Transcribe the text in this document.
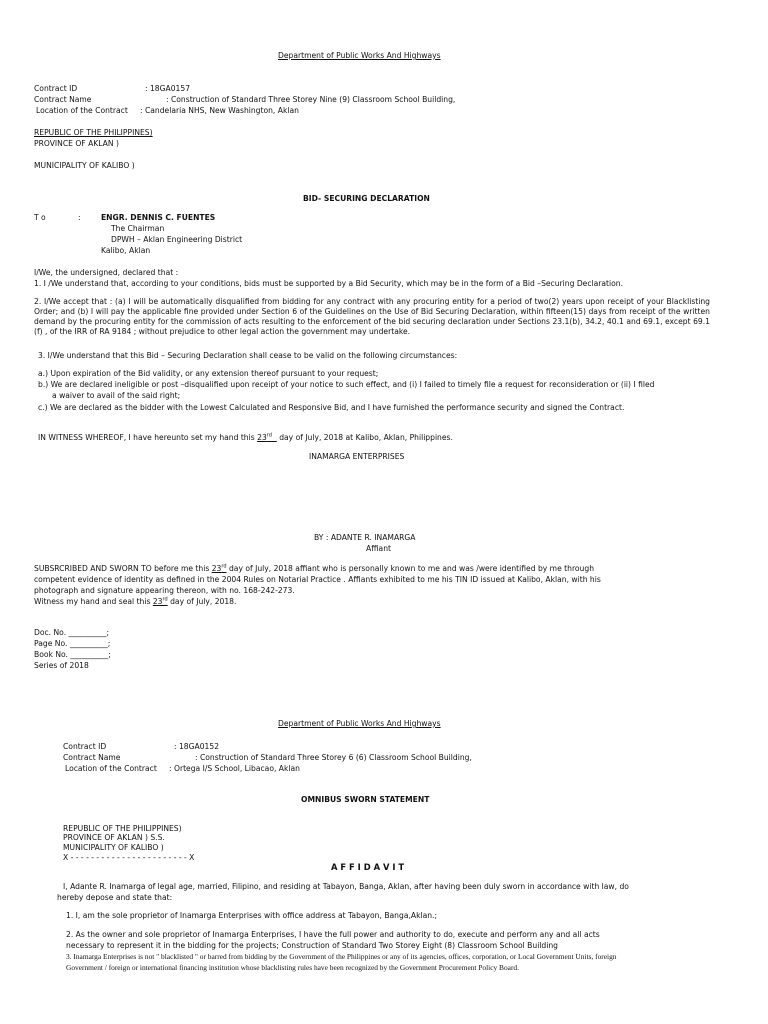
Department of Public Works And Highways
Contract ID	: 18GA0157
Contract Name	: Construction of Standard Three Storey Nine (9) Classroom School Building,
Location of the Contract : Candelaria NHS, New Washington, Aklan
REPUBLIC OF THE PHILIPPINES)
PROVINCE OF AKLAN )
MUNICIPALITY OF KALIBO )
BID- SECURING DECLARATION
T o	:	ENGR. DENNIS C. FUENTES
The Chairman
DPWH – Aklan Engineering District
Kalibo, Aklan
I/We, the undersigned, declared that :
1. I /We understand that, according to your conditions, bids must be supported by a Bid Security, which may be in the form of a Bid –Securing Declaration.
2. I/We accept that : (a) I will be automatically disqualified from bidding for any contract with any procuring entity for a period of two(2) years upon receipt of your Blacklisting Order; and (b) I will pay the applicable fine provided under Section 6 of the Guidelines on the Use of Bid Securing Declaration, within fifteen(15) days from receipt of the written demand by the procuring entity for the commission of acts resulting to the enforcement of the bid securing declaration under Sections 23.1(b), 34.2, 40.1 and 69.1, except 69.1 (f) , of the IRR of RA 9184 ; without prejudice to other legal action the government may undertake.
3. I/We understand that this Bid – Securing Declaration shall cease to be valid on the following circumstances:
a.) Upon expiration of the Bid validity, or any extension thereof pursuant to your request;
b.) We are declared ineligible or post –disqualified upon receipt of your notice to such effect, and (i) I failed to timely file a request for reconsideration or (ii) I filed
a waiver to avail of the said right;
c.) We are declared as the bidder with the Lowest Calculated and Responsive Bid, and I have furnished the performance security and signed the Contract.
IN WITNESS WHEREOF, I have hereunto set my hand this 23rd day of July, 2018 at Kalibo, Aklan, Philippines.
INAMARGA ENTERPRISES
BY : ADANTE R. INAMARGA
Affiant
SUBSRCRIBED AND SWORN TO before me this 23rd day of July, 2018 affiant who is personally known to me and was /were identified by me through
competent evidence of identity as defined in the 2004 Rules on Notarial Practice . Affiants exhibited to me his TIN ID issued at Kalibo, Aklan, with his
photograph and signature appearing thereon, with no. 168-242-273.
Witness my hand and seal this 23rd day of July, 2018.
Doc. No. __________;
Page No. __________;
Book No. __________;
Series of 2018
Department of Public Works And Highways
Contract ID	: 18GA0152
Contract Name	: Construction of Standard Three Storey 6 (6) Classroom School Building,
Location of the Contract : Ortega I/S School, Libacao, Aklan
OMNIBUS SWORN STATEMENT
REPUBLIC OF THE PHILIPPINES)
PROVINCE OF AKLAN ) S.S.
MUNICIPALITY OF KALIBO )
X - - - - - - - - - - - - - - - - - - - - - - - X
A F F I D A V I T
I, Adante R. Inamarga of legal age, married, Filipino, and residing at Tabayon, Banga, Aklan, after having been duly sworn in accordance with law, do
hereby depose and state that:
1. I, am the sole proprietor of Inamarga Enterprises with office address at Tabayon, Banga,Aklan.;
2. As the owner and sole proprietor of Inamarga Enterprises, I have the full power and authority to do, execute and perform any and all acts
necessary to represent it in the bidding for the projects; Construction of Standard Two Storey Eight (8) Classroom School Building
3. Inamarga Enterprises is not " blacklisted " or barred from bidding by the Government of the Philippines or any of its agencies, offices, corporation, or Local Government Units, foreign
Government / foreign or international financing institution whose blacklisting rules have been recognized by the Government Procurement Policy Board.
